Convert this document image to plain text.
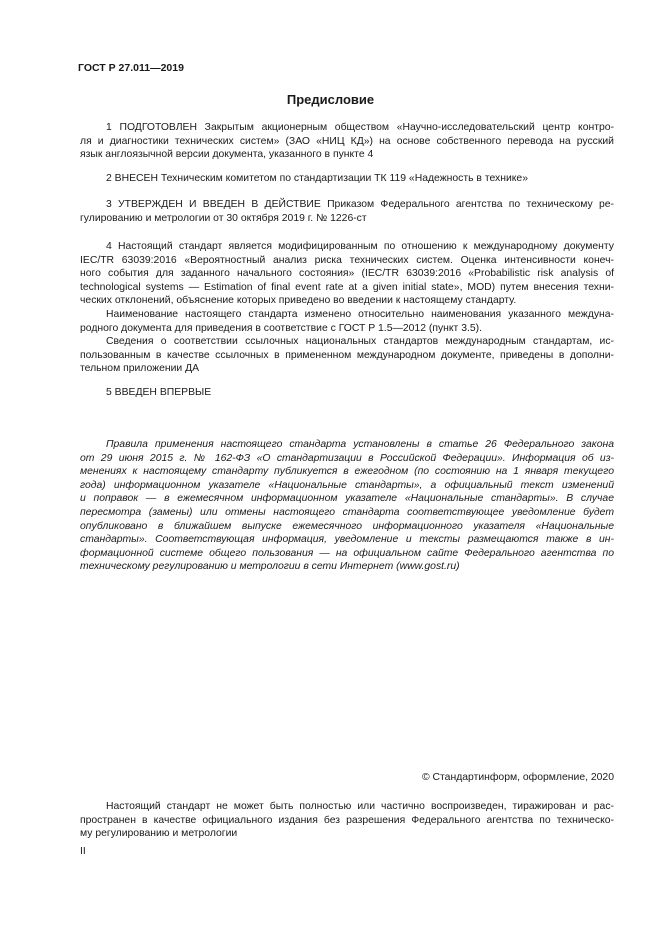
ГОСТ Р 27.011—2019
Предисловие
1 ПОДГОТОВЛЕН Закрытым акционерным обществом «Научно-исследовательский центр контро-
ля и диагностики технических систем» (ЗАО «НИЦ КД») на основе собственного перевода на русский
язык англоязычной версии документа, указанного в пункте 4
2 ВНЕСЕН Техническим комитетом по стандартизации ТК 119 «Надежность в технике»
3 УТВЕРЖДЕН И ВВЕДЕН В ДЕЙСТВИЕ Приказом Федерального агентства по техническому ре-
гулированию и метрологии от 30 октября 2019 г. № 1226-ст
4 Настоящий стандарт является модифицированным по отношению к международному документу
IEC/TR 63039:2016 «Вероятностный анализ риска технических систем. Оценка интенсивности конеч-
ного события для заданного начального состояния» (IEC/TR 63039:2016 «Probabilistic risk analysis of
technological systems — Estimation of final event rate at a given initial state», MOD) путем внесения техни-
ческих отклонений, объяснение которых приведено во введении к настоящему стандарту.
Наименование настоящего стандарта изменено относительно наименования указанного междуна-
родного документа для приведения в соответствие с ГОСТ Р 1.5—2012 (пункт 3.5).
Сведения о соответствии ссылочных национальных стандартов международным стандартам, ис-
пользованным в качестве ссылочных в примененном международном документе, приведены в дополни-
тельном приложении ДА
5 ВВЕДЕН ВПЕРВЫЕ
Правила применения настоящего стандарта установлены в статье 26 Федерального закона
от 29 июня 2015 г. № 162-ФЗ «О стандартизации в Российской Федерации». Информация об из-
менениях к настоящему стандарту публикуется в ежегодном (по состоянию на 1 января текущего
года) информационном указателе «Национальные стандарты», а официальный текст изменений
и поправок — в ежемесячном информационном указателе «Национальные стандарты». В случае
пересмотра (замены) или отмены настоящего стандарта соответствующее уведомление будет
опубликовано в ближайшем выпуске ежемесячного информационного указателя «Национальные
стандарты». Соответствующая информация, уведомление и тексты размещаются также в ин-
формационной системе общего пользования — на официальном сайте Федерального агентства по
техническому регулированию и метрологии в сети Интернет (www.gost.ru)
© Стандартинформ, оформление, 2020
Настоящий стандарт не может быть полностью или частично воспроизведен, тиражирован и рас-
пространен в качестве официального издания без разрешения Федерального агентства по техническо-
му регулированию и метрологии
II
